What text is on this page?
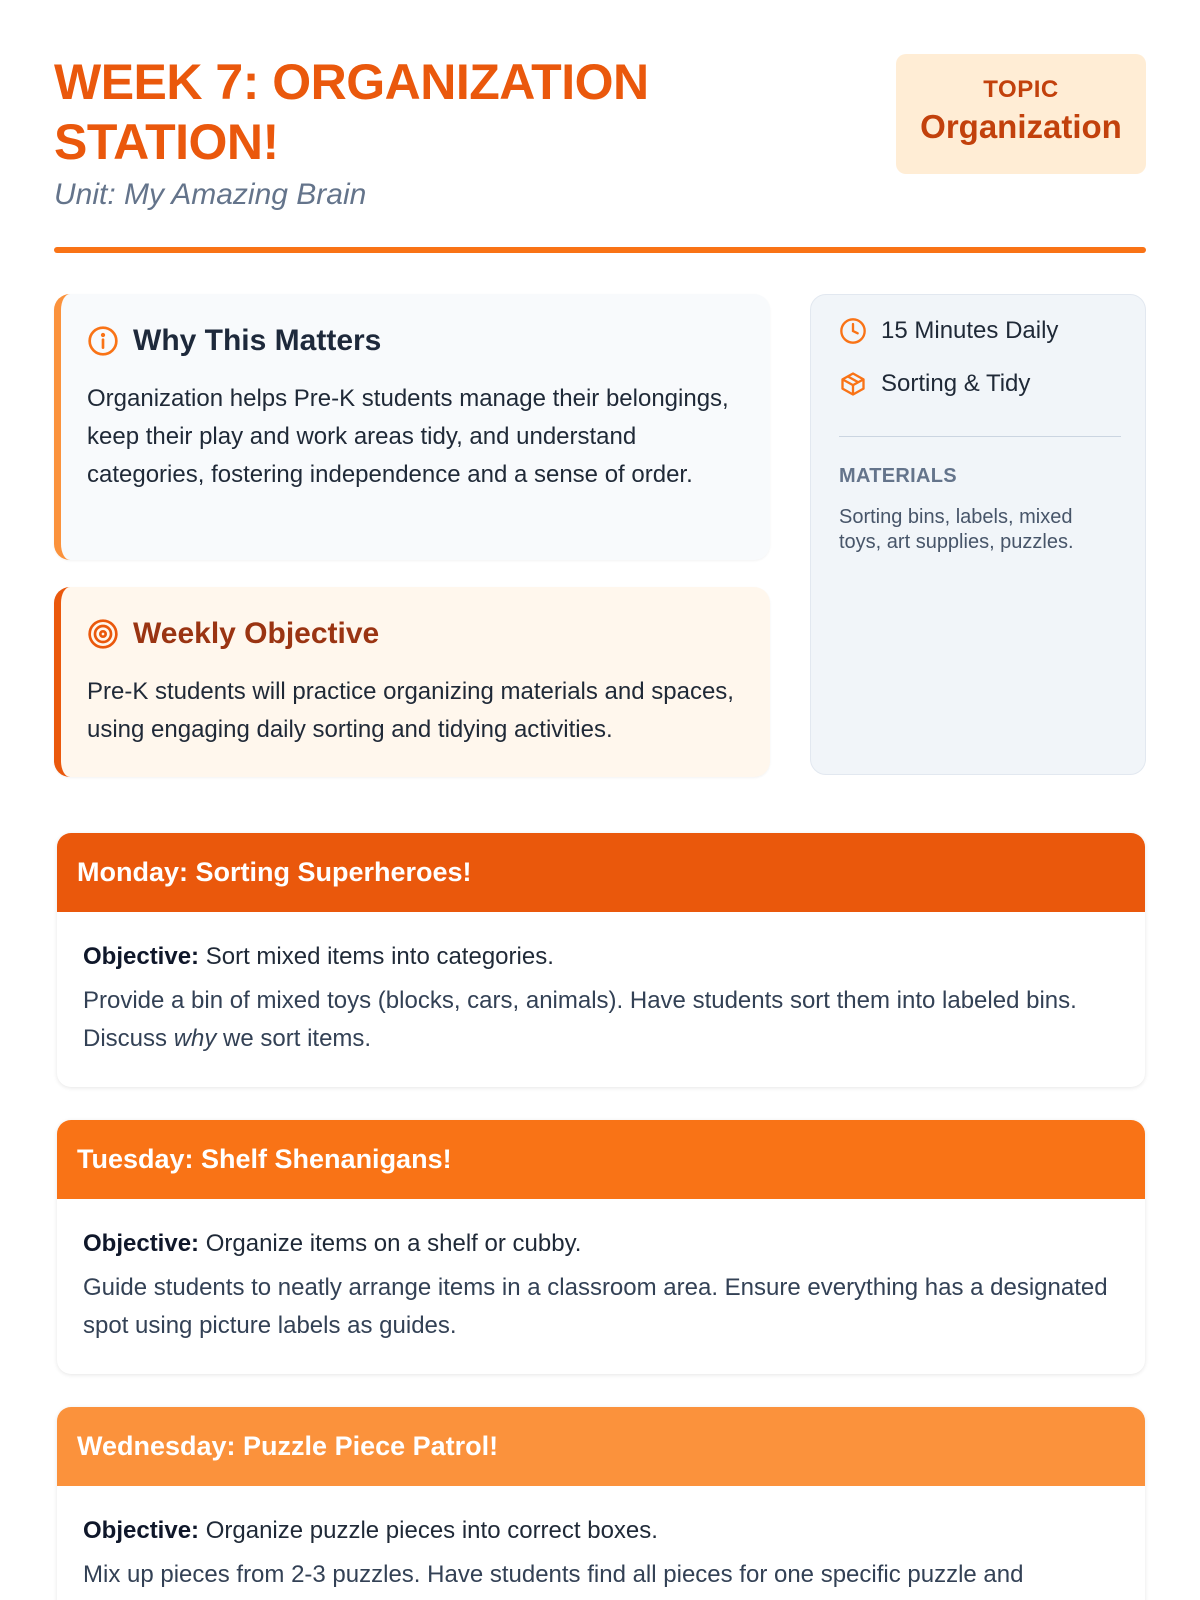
WEEK 7: ORGANIZATION STATION!
Unit: My Amazing Brain
TOPIC
Organization
Why This Matters

Organization helps Pre-K students manage their belongings, keep their play and work areas tidy, and understand categories, fostering independence and a sense of order.

Weekly Objective

Pre-K students will practice organizing materials and spaces, using engaging daily sorting and tidying activities.

15 Minutes Daily
Sorting & Tidy
MATERIALS
Sorting bins, labels, mixed toys, art supplies, puzzles.
Monday: Sorting Superheroes!

Objective: Sort mixed items into categories.

Provide a bin of mixed toys (blocks, cars, animals). Have students sort them into labeled bins. Discuss why we sort items.

Tuesday: Shelf Shenanigans!

Objective: Organize items on a shelf or cubby.

Guide students to neatly arrange items in a classroom area. Ensure everything has a designated spot using picture labels as guides.

Wednesday: Puzzle Piece Patrol!

Objective: Organize puzzle pieces into correct boxes.

Mix up pieces from 2-3 puzzles. Have students find all pieces for one specific puzzle and
